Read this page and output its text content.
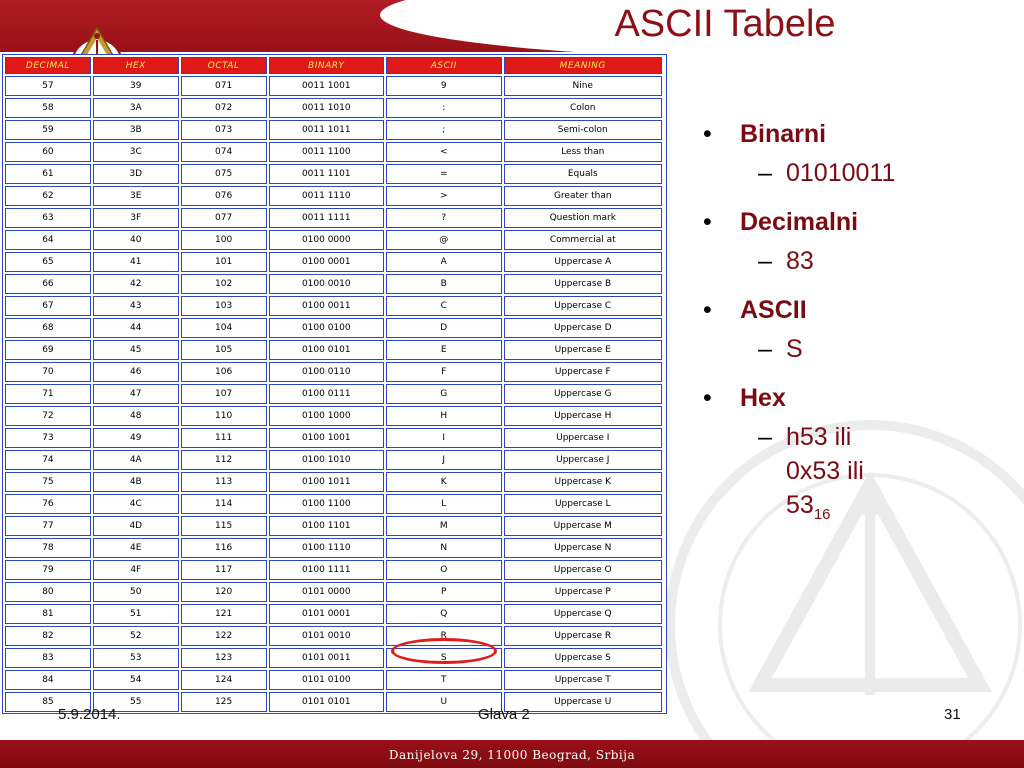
ASCII Tabele
DECIMAL	HEX	OCTAL	BINARY	ASCII	MEANING
57	39	071	0011 1001	9	Nine
58	3A	072	0011 1010	:	Colon
59	3B	073	0011 1011	;	Semi-colon
60	3C	074	0011 1100	<	Less than
61	3D	075	0011 1101	=	Equals
62	3E	076	0011 1110	>	Greater than
63	3F	077	0011 1111	?	Question mark
64	40	100	0100 0000	@	Commercial at
65	41	101	0100 0001	A	Uppercase A
66	42	102	0100 0010	B	Uppercase B
67	43	103	0100 0011	C	Uppercase C
68	44	104	0100 0100	D	Uppercase D
69	45	105	0100 0101	E	Uppercase E
70	46	106	0100 0110	F	Uppercase F
71	47	107	0100 0111	G	Uppercase G
72	48	110	0100 1000	H	Uppercase H
73	49	111	0100 1001	I	Uppercase I
74	4A	112	0100 1010	J	Uppercase J
75	4B	113	0100 1011	K	Uppercase K
76	4C	114	0100 1100	L	Uppercase L
77	4D	115	0100 1101	M	Uppercase M
78	4E	116	0100 1110	N	Uppercase N
79	4F	117	0100 1111	O	Uppercase O
80	50	120	0101 0000	P	Uppercase P
81	51	121	0101 0001	Q	Uppercase Q
82	52	122	0101 0010	R	Uppercase R
83	53	123	0101 0011	S	Uppercase S
84	54	124	0101 0100	T	Uppercase T
85	55	125	0101 0101	U	Uppercase U
• Binarni
– 01010011
• Decimalni
– 83
• ASCII
– S
• Hex
– h53 ili
0x53 ili
$53_{16}$
5.9.2014.	Glava 2	31
Danijelova 29, 11000 Beograd, Srbija
